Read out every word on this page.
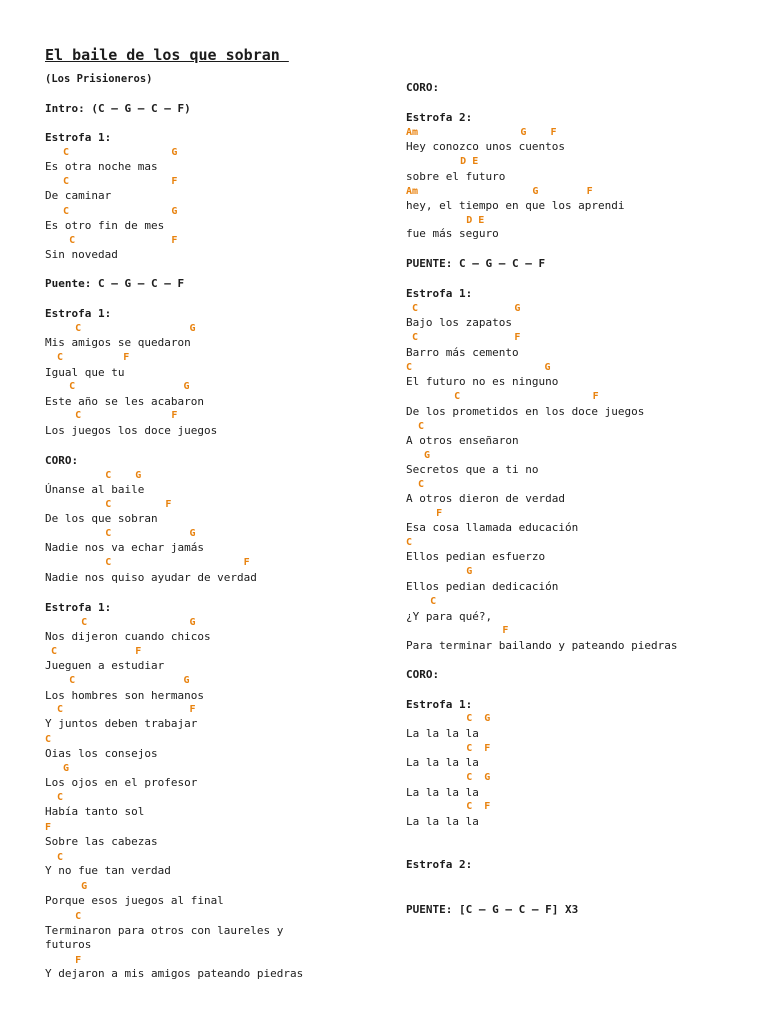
El baile de los que sobran
(Los Prisioneros)
Intro: (C – G – C – F)
Estrofa 1:
C                 G
Es otra noche mas
C                 F
De caminar
C                 G
Es otro fin de mes
C                F
Sin novedad
Puente: C – G – C – F
Estrofa 1:
C                  G
Mis amigos se quedaron
C          F
Igual que tu
C                  G
Este año se les acabaron
C               F
Los juegos los doce juegos
CORO:
C    G
Únanse al baile
C         F
De los que sobran
C             G
Nadie nos va echar jamás
C                      F
Nadie nos quiso ayudar de verdad
Estrofa 1:
C                 G
Nos dijeron cuando chicos
C             F
Jueguen a estudiar
C                  G
Los hombres son hermanos
C                     F
Y juntos deben trabajar
C
Oias los consejos
G
Los ojos en el profesor
C
Había tanto sol
F
Sobre las cabezas
C
Y no fue tan verdad
G
Porque esos juegos al final
C
Terminaron para otros con laureles y
futuros
F
Y dejaron a mis amigos pateando piedras
CORO:
Estrofa 2:
Am                 G    F
Hey conozco unos cuentos
D E
sobre el futuro
Am                   G        F
hey, el tiempo en que los aprendi
D E
fue más seguro
PUENTE: C – G – C – F
Estrofa 1:
C                G
Bajo los zapatos
C                F
Barro más cemento
C                      G
El futuro no es ninguno
C                      F
De los prometidos en los doce juegos
C
A otros enseñaron
G
Secretos que a ti no
C
A otros dieron de verdad
F
Esa cosa llamada educación
C
Ellos pedian esfuerzo
G
Ellos pedian dedicación
C
¿Y para qué?,
F
Para terminar bailando y pateando piedras
CORO:
Estrofa 1:
C  G
La la la la
C  F
La la la la
C  G
La la la la
C  F
La la la la
Estrofa 2:
PUENTE: [C – G – C – F] X3
